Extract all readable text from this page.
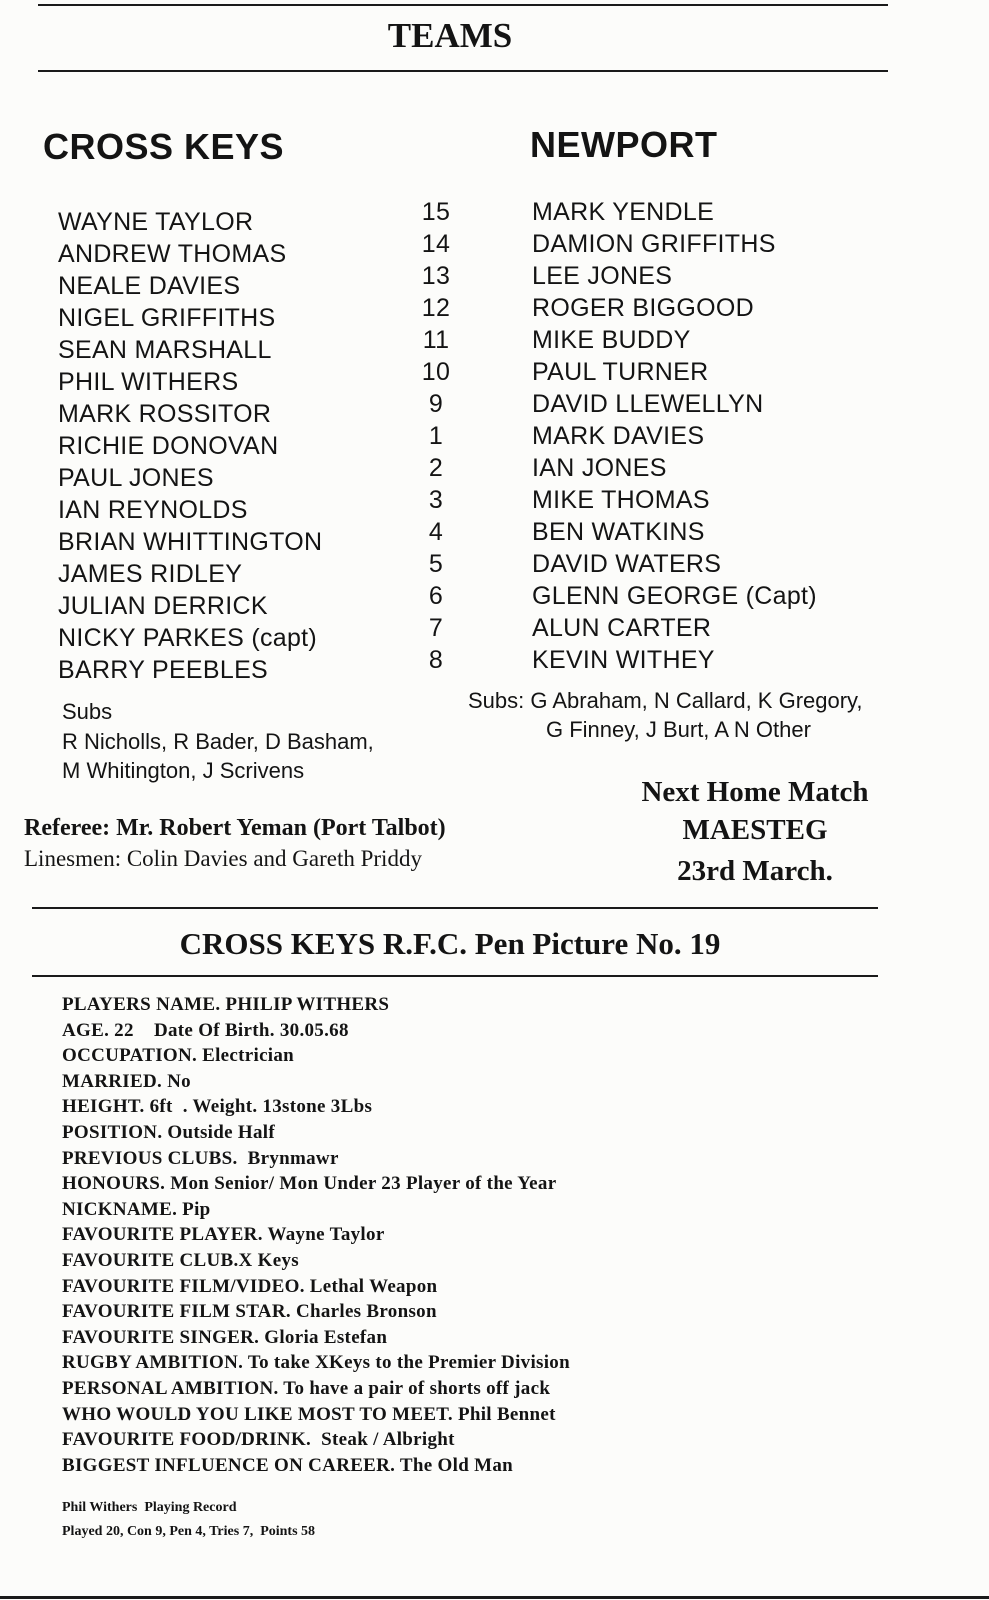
TEAMS
CROSS KEYS	NEWPORT
WAYNE TAYLOR
ANDREW THOMAS
NEALE DAVIES
NIGEL GRIFFITHS
SEAN MARSHALL
PHIL WITHERS
MARK ROSSITOR
RICHIE DONOVAN
PAUL JONES
IAN REYNOLDS
BRIAN WHITTINGTON
JAMES RIDLEY
JULIAN DERRICK
NICKY PARKES (capt)
BARRY PEEBLES
15
14
13
12
11
10
9
1
2
3
4
5
6
7
8
MARK YENDLE
DAMION GRIFFITHS
LEE JONES
ROGER BIGGOOD
MIKE BUDDY
PAUL TURNER
DAVID LLEWELLYN
MARK DAVIES
IAN JONES
MIKE THOMAS
BEN WATKINS
DAVID WATERS
GLENN GEORGE (Capt)
ALUN CARTER
KEVIN WITHEY
Subs
R Nicholls, R Bader, D Basham,
M Whitington, J Scrivens
Subs: G Abraham, N Callard, K Gregory,
G Finney, J Burt, A N Other
Referee: Mr. Robert Yeman (Port Talbot)
Linesmen: Colin Davies and Gareth Priddy
Next Home Match
MAESTEG
23rd March.
CROSS KEYS R.F.C. Pen Picture No. 19
PLAYERS NAME. PHILIP WITHERS
AGE. 22    Date Of Birth. 30.05.68
OCCUPATION. Electrician
MARRIED. No
HEIGHT. 6ft  . Weight. 13stone 3Lbs
POSITION. Outside Half
PREVIOUS CLUBS.  Brynmawr
HONOURS. Mon Senior/ Mon Under 23 Player of the Year
NICKNAME. Pip
FAVOURITE PLAYER. Wayne Taylor
FAVOURITE CLUB.X Keys
FAVOURITE FILM/VIDEO. Lethal Weapon
FAVOURITE FILM STAR. Charles Bronson
FAVOURITE SINGER. Gloria Estefan
RUGBY AMBITION. To take XKeys to the Premier Division
PERSONAL AMBITION. To have a pair of shorts off jack
WHO WOULD YOU LIKE MOST TO MEET. Phil Bennet
FAVOURITE FOOD/DRINK.  Steak / Albright
BIGGEST INFLUENCE ON CAREER. The Old Man
Phil Withers  Playing Record
Played 20, Con 9, Pen 4, Tries 7,  Points 58
